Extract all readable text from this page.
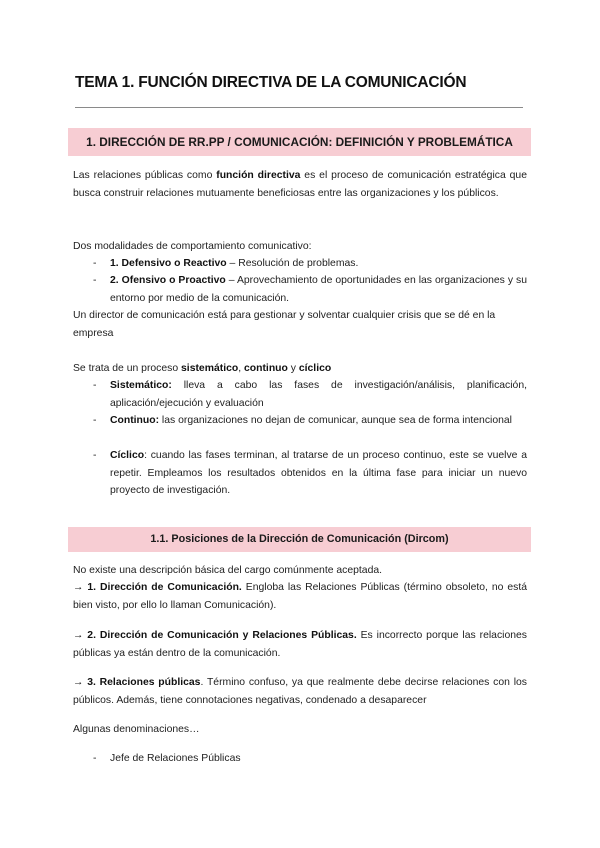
TEMA 1. FUNCIÓN DIRECTIVA DE LA COMUNICACIÓN
1. DIRECCIÓN DE RR.PP / COMUNICACIÓN: DEFINICIÓN Y PROBLEMÁTICA

Las relaciones públicas como función directiva es el proceso de comunicación estratégica que busca construir relaciones mutuamente beneficiosas entre las organizaciones y los públicos.

Dos modalidades de comportamiento comunicativo:

- 1. Defensivo o Reactivo – Resolución de problemas.
- 2. Ofensivo o Proactivo – Aprovechamiento de oportunidades en las organizaciones y su entorno por medio de la comunicación.

Un director de comunicación está para gestionar y solventar cualquier crisis que se dé en la empresa

Se trata de un proceso sistemático, continuo y cíclico

- Sistemático: lleva a cabo las fases de investigación/análisis, planificación, aplicación/ejecución y evaluación
- Continuo: las organizaciones no dejan de comunicar, aunque sea de forma intencional
- Cíclico: cuando las fases terminan, al tratarse de un proceso continuo, este se vuelve a repetir. Empleamos los resultados obtenidos en la última fase para iniciar un nuevo proyecto de investigación.
1.1. Posiciones de la Dirección de Comunicación (Dircom)

No existe una descripción básica del cargo comúnmente aceptada.

→ 1. Dirección de Comunicación. Engloba las Relaciones Públicas (término obsoleto, no está bien visto, por ello lo llaman Comunicación).

→ 2. Dirección de Comunicación y Relaciones Públicas. Es incorrecto porque las relaciones públicas ya están dentro de la comunicación.

→ 3. Relaciones públicas. Término confuso, ya que realmente debe decirse relaciones con los públicos. Además, tiene connotaciones negativas, condenado a desaparecer

Algunas denominaciones…

- Jefe de Relaciones Públicas
